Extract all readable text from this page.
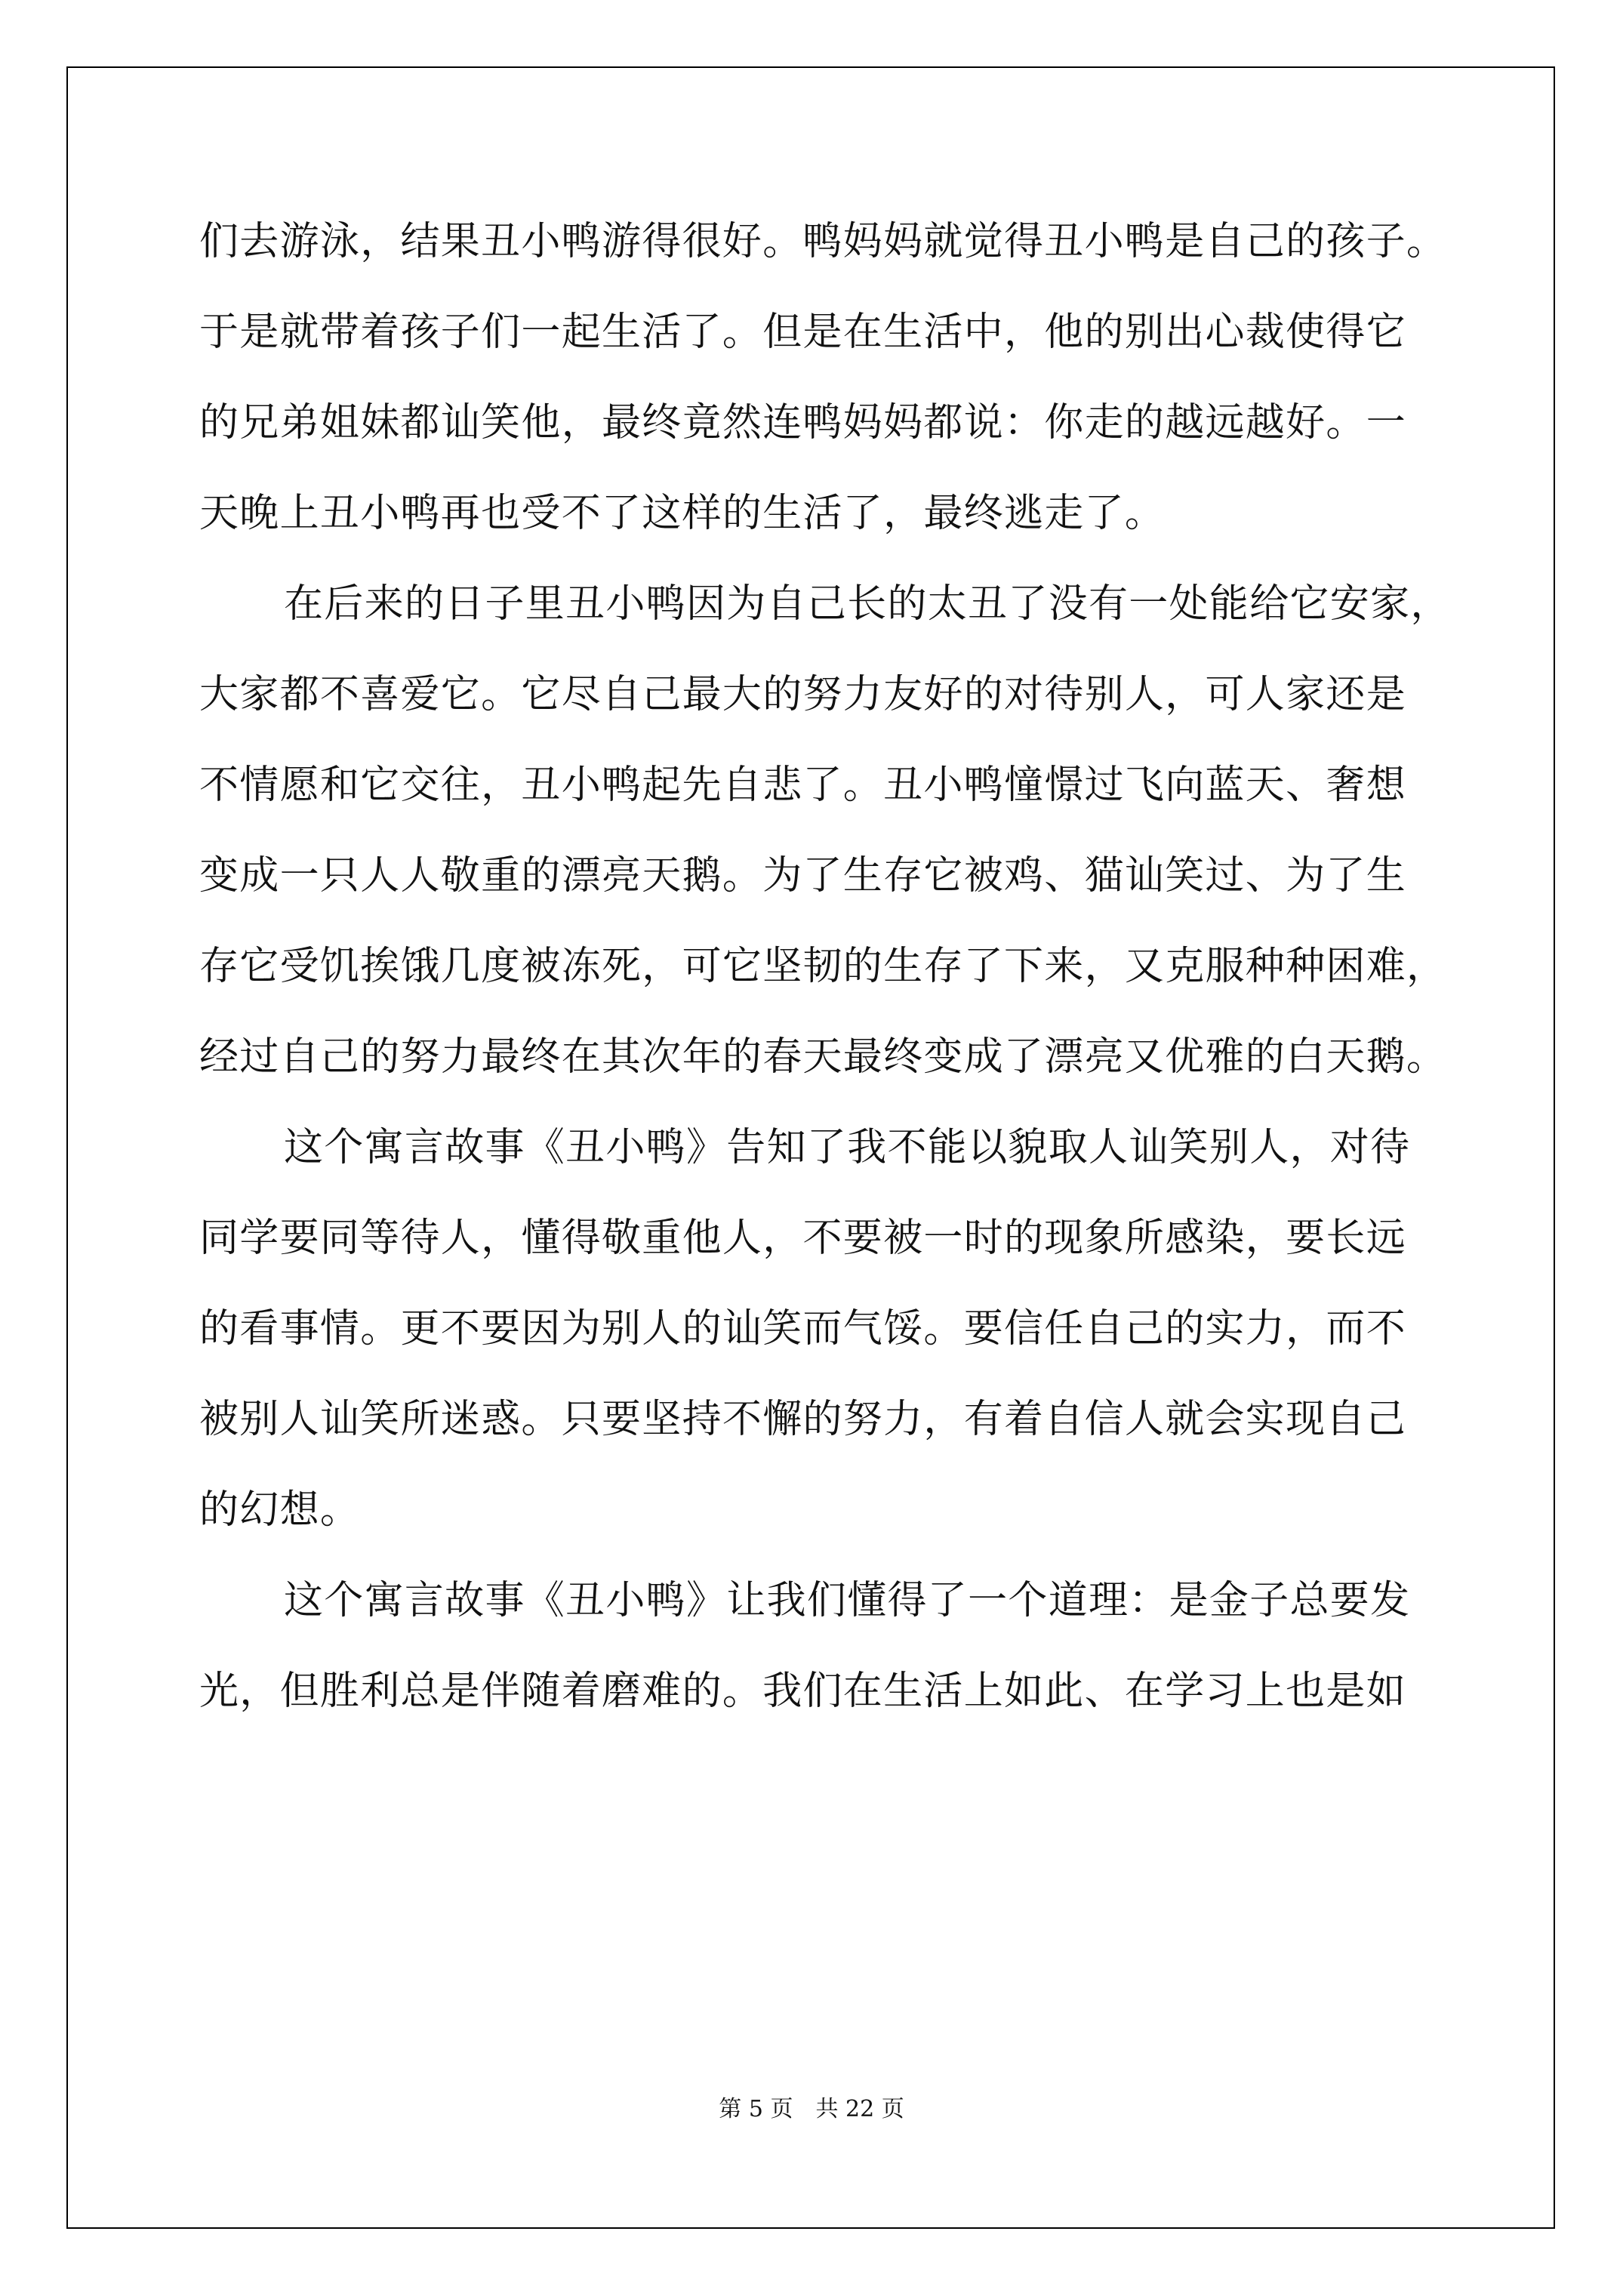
们去游泳，结果丑小鸭游得很好。鸭妈妈就觉得丑小鸭是自己的孩子。
于是就带着孩子们一起生活了。但是在生活中，他的别出心裁使得它
的兄弟姐妹都讪笑他，最终竟然连鸭妈妈都说：你走的越远越好。一
天晚上丑小鸭再也受不了这样的生活了，最终逃走了。
在后来的日子里丑小鸭因为自己长的太丑了没有一处能给它安家，
大家都不喜爱它。它尽自己最大的努力友好的对待别人，可人家还是
不情愿和它交往，丑小鸭起先自悲了。丑小鸭憧憬过飞向蓝天、奢想
变成一只人人敬重的漂亮天鹅。为了生存它被鸡、猫讪笑过、为了生
存它受饥挨饿几度被冻死，可它坚韧的生存了下来，又克服种种困难，
经过自己的努力最终在其次年的春天最终变成了漂亮又优雅的白天鹅。
这个寓言故事《丑小鸭》告知了我不能以貌取人讪笑别人，对待
同学要同等待人，懂得敬重他人，不要被一时的现象所感染，要长远
的看事情。更不要因为别人的讪笑而气馁。要信任自己的实力，而不
被别人讪笑所迷惑。只要坚持不懈的努力，有着自信人就会实现自己
的幻想。
这个寓言故事《丑小鸭》让我们懂得了一个道理：是金子总要发
光，但胜利总是伴随着磨难的。我们在生活上如此、在学习上也是如
第 5 页　共 22 页
